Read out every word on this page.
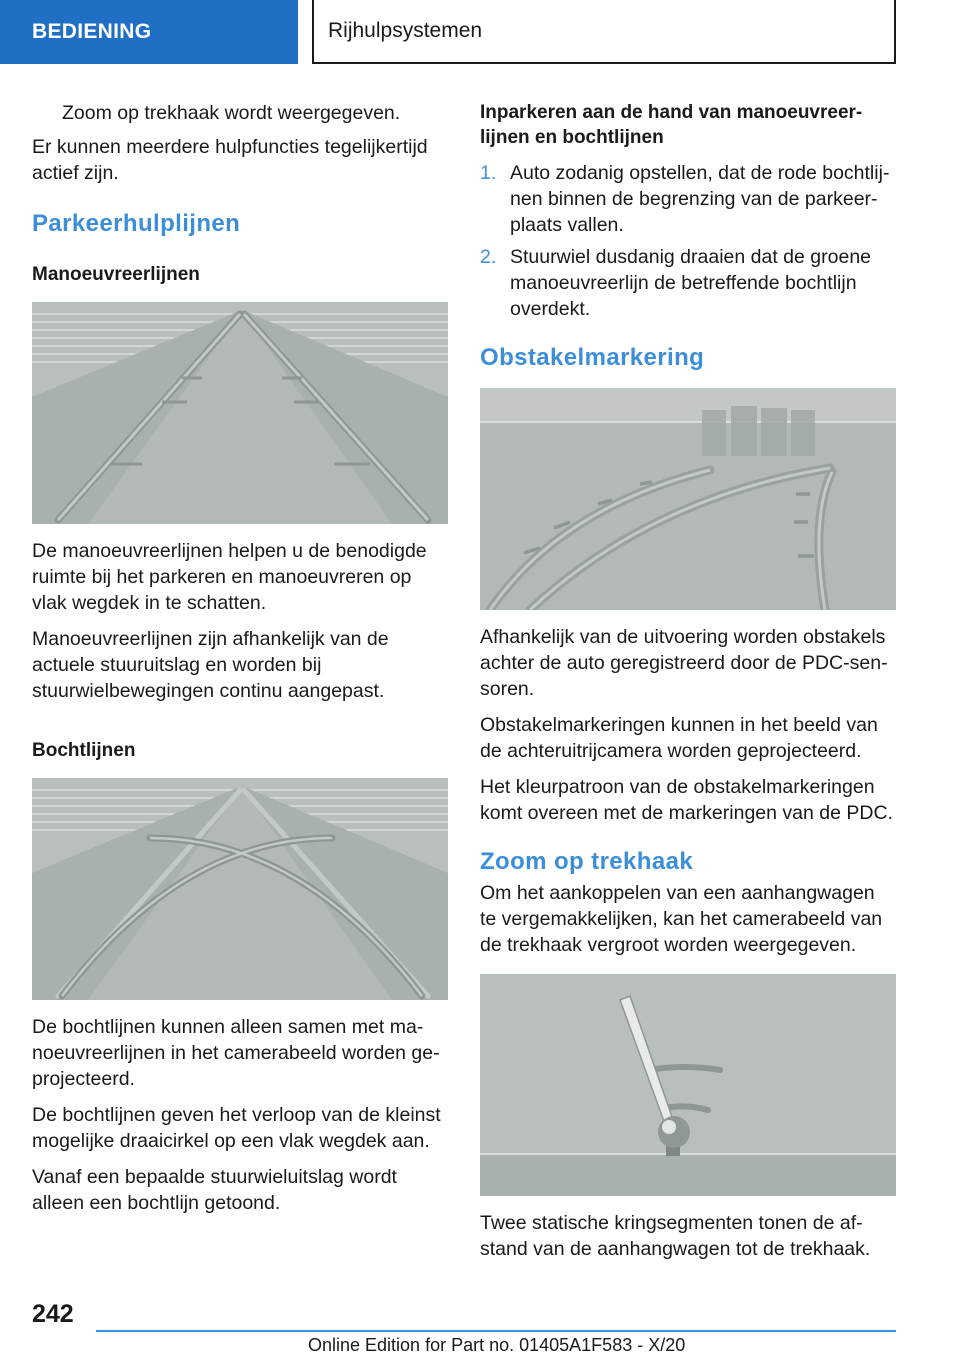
BEDIENING	Rijhulpsystemen

Zoom op trekhaak wordt weergegeven.

Er kunnen meerdere hulpfuncties tegelijkertijd actief zijn.

Parkeerhulplijnen
Manoeuvreerlijnen

De manoeuvreerlijnen helpen u de benodigde ruimte bij het parkeren en manoeuvreren op vlak wegdek in te schatten.

Manoeuvreerlijnen zijn afhankelijk van de actuele stuuruitslag en worden bij stuurwielbewegingen continu aangepast.

Bochtlijnen

De bochtlijnen kunnen alleen samen met manoeuvreerlijnen in het camerabeeld worden geprojecteerd.

De bochtlijnen geven het verloop van de kleinst mogelijke draaicirkel op een vlak wegdek aan.

Vanaf een bepaalde stuurwieluitslag wordt alleen een bochtlijn getoond.

Inparkeren aan de hand van manoeuvreerlijnen en bochtlijnen
1. Auto zodanig opstellen, dat de rode bochtlijnen binnen de begrenzing van de parkeerplaats vallen.
2. Stuurwiel dusdanig draaien dat de groene manoeuvreerlijn de betreffende bochtlijn overdekt.
Obstakelmarkering

Afhankelijk van de uitvoering worden obstakels achter de auto geregistreerd door de PDC-sensoren.

Obstakelmarkeringen kunnen in het beeld van de achteruitrijcamera worden geprojecteerd.

Het kleurpatroon van de obstakelmarkeringen komt overeen met de markeringen van de PDC.

Zoom op trekhaak

Om het aankoppelen van een aanhangwagen te vergemakkelijken, kan het camerabeeld van de trekhaak vergroot worden weergegeven.

Twee statische kringsegmenten tonen de afstand van de aanhangwagen tot de trekhaak.

242
Online Edition for Part no. 01405A1F583 - X/20
